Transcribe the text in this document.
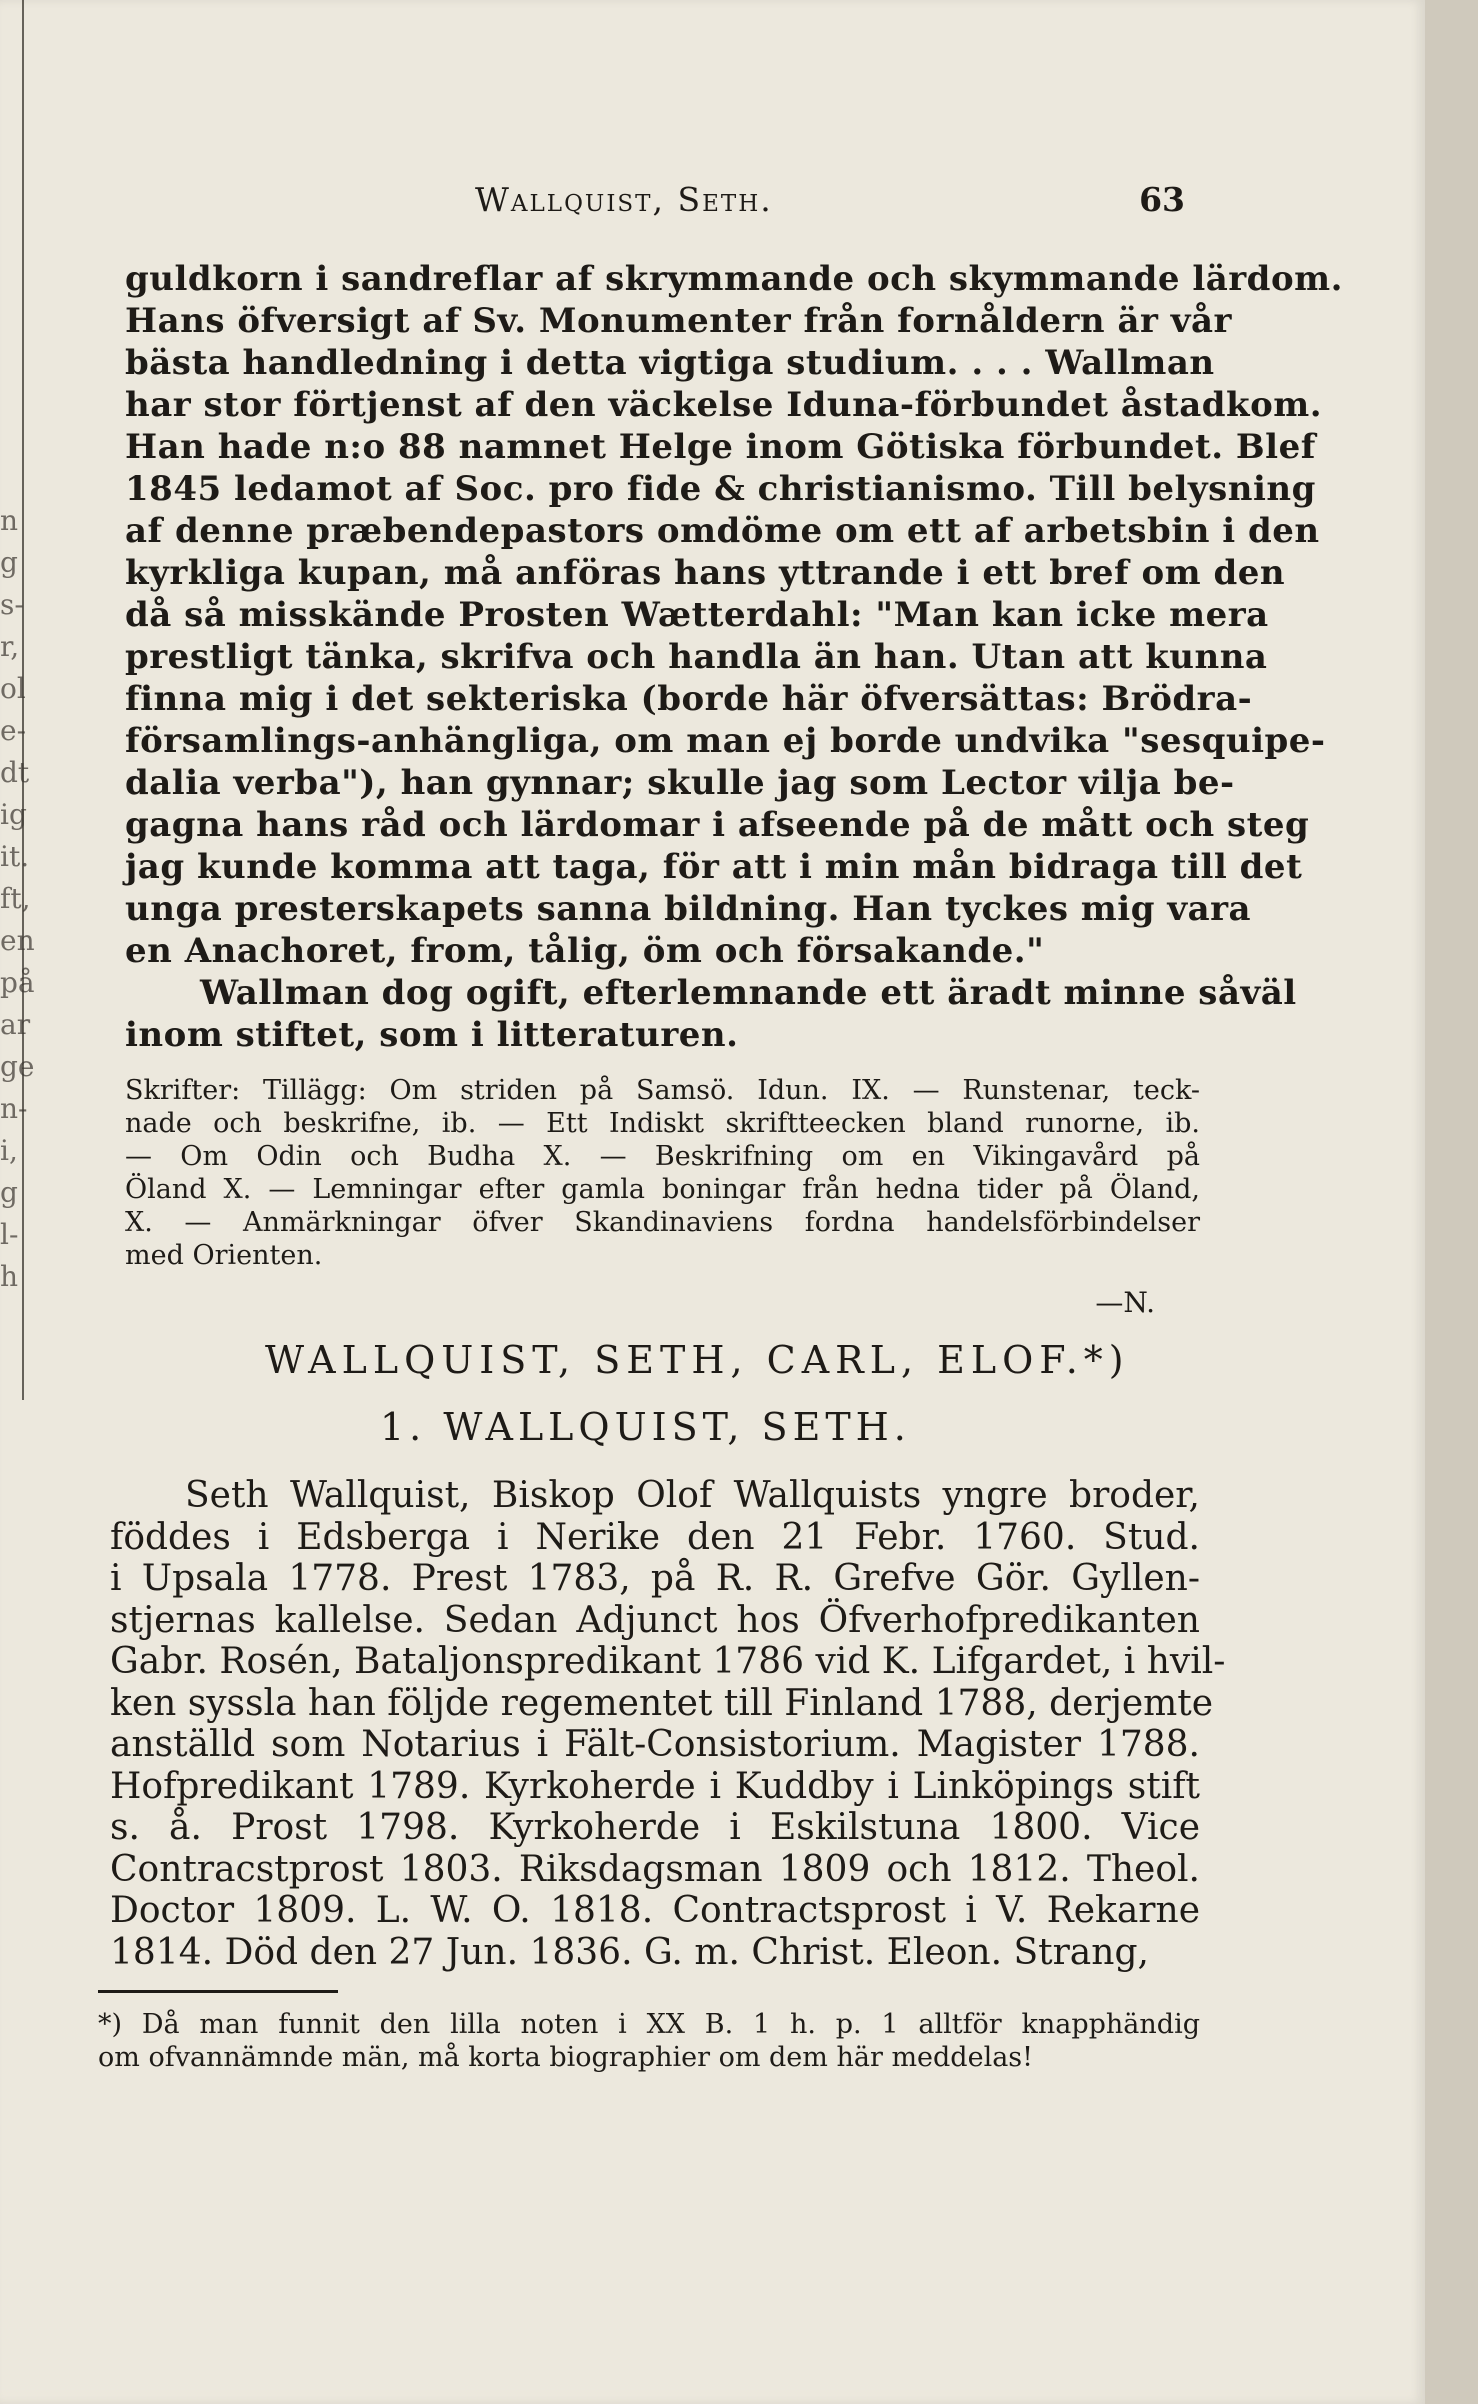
n
g
s-
r,
ol
e-
dt
ig
it.
ft,
en
på
ar
ge
n-
i,
g
l-
h
Wallquist, Seth.	63

guldkorn i sandreflar af skrymmande och skymmande lärdom.
Hans öfversigt af Sv. Monumenter från fornåldern är vår
bästa handledning i detta vigtiga studium. . . . Wallman
har stor förtjenst af den väckelse Iduna-förbundet åstadkom.
Han hade n:o 88 namnet Helge inom Götiska förbundet. Blef
1845 ledamot af Soc. pro fide & christianismo. Till belysning
af denne præbendepastors omdöme om ett af arbetsbin i den
kyrkliga kupan, må anföras hans yttrande i ett bref om den
då så misskände Prosten Wætterdahl: "Man kan icke mera
prestligt tänka, skrifva och handla än han. Utan att kunna
finna mig i det sekteriska (borde här öfversättas: Brödra-
församlings-anhängliga, om man ej borde undvika "sesquipe-
dalia verba"), han gynnar; skulle jag som Lector vilja be-
gagna hans råd och lärdomar i afseende på de mått och steg
jag kunde komma att taga, för att i min mån bidraga till det
unga presterskapets sanna bildning. Han tyckes mig vara
en Anachoret, from, tålig, öm och försakande."

Wallman dog ogift, efterlemnande ett äradt minne såväl
inom stiftet, som i litteraturen.

Skrifter: Tillägg: Om striden på Samsö. Idun. IX. — Runstenar, teck-
nade och beskrifne, ib. — Ett Indiskt skriftteecken bland runorne, ib.
— Om Odin och Budha X. — Beskrifning om en Vikingavård på
Öland X. — Lemningar efter gamla boningar från hedna tider på Öland,
X. — Anmärkningar öfver Skandinaviens fordna handelsförbindelser
med Orienten.
—N.
WALLQUIST, SETH, CARL, ELOF.*)
1. WALLQUIST, SETH.

Seth Wallquist, Biskop Olof Wallquists yngre broder,
föddes i Edsberga i Nerike den 21 Febr. 1760. Stud.
i Upsala 1778. Prest 1783, på R. R. Grefve Gör. Gyllen-
stjernas kallelse. Sedan Adjunct hos Öfverhofpredikanten
Gabr. Rosén, Bataljonspredikant 1786 vid K. Lifgardet, i hvil-
ken syssla han följde regementet till Finland 1788, derjemte
anställd som Notarius i Fält-Consistorium. Magister 1788.
Hofpredikant 1789. Kyrkoherde i Kuddby i Linköpings stift
s. å. Prost 1798. Kyrkoherde i Eskilstuna 1800. Vice
Contracstprost 1803. Riksdagsman 1809 och 1812. Theol.
Doctor 1809. L. W. O. 1818. Contractsprost i V. Rekarne
1814. Död den 27 Jun. 1836. G. m. Christ. Eleon. Strang,

*) Då man funnit den lilla noten i XX B. 1 h. p. 1 alltför knapphändig
om ofvannämnde män, må korta biographier om dem här meddelas!
